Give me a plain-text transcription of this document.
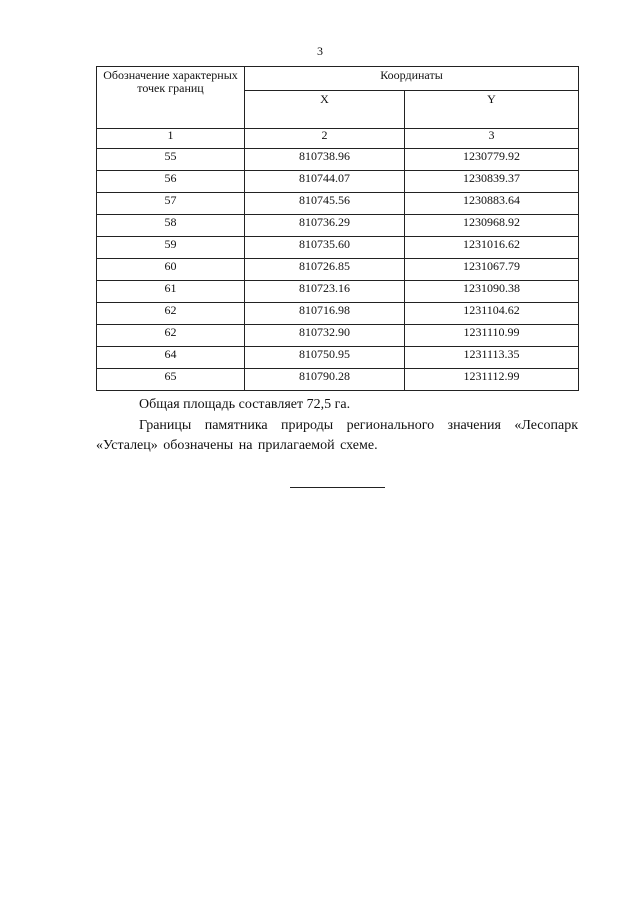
3
Обозначение характерных точек границ	Координаты	
	X	Y
1	2	3
55	810738.96	1230779.92
56	810744.07	1230839.37
57	810745.56	1230883.64
58	810736.29	1230968.92
59	810735.60	1231016.62
60	810726.85	1231067.79
61	810723.16	1231090.38
62	810716.98	1231104.62
62	810732.90	1231110.99
64	810750.95	1231113.35
65	810790.28	1231112.99
Общая площадь составляет 72,5 га.
Границы памятника природы регионального значения «Лесопарк «Усталец» обозначены на прилагаемой схеме.
